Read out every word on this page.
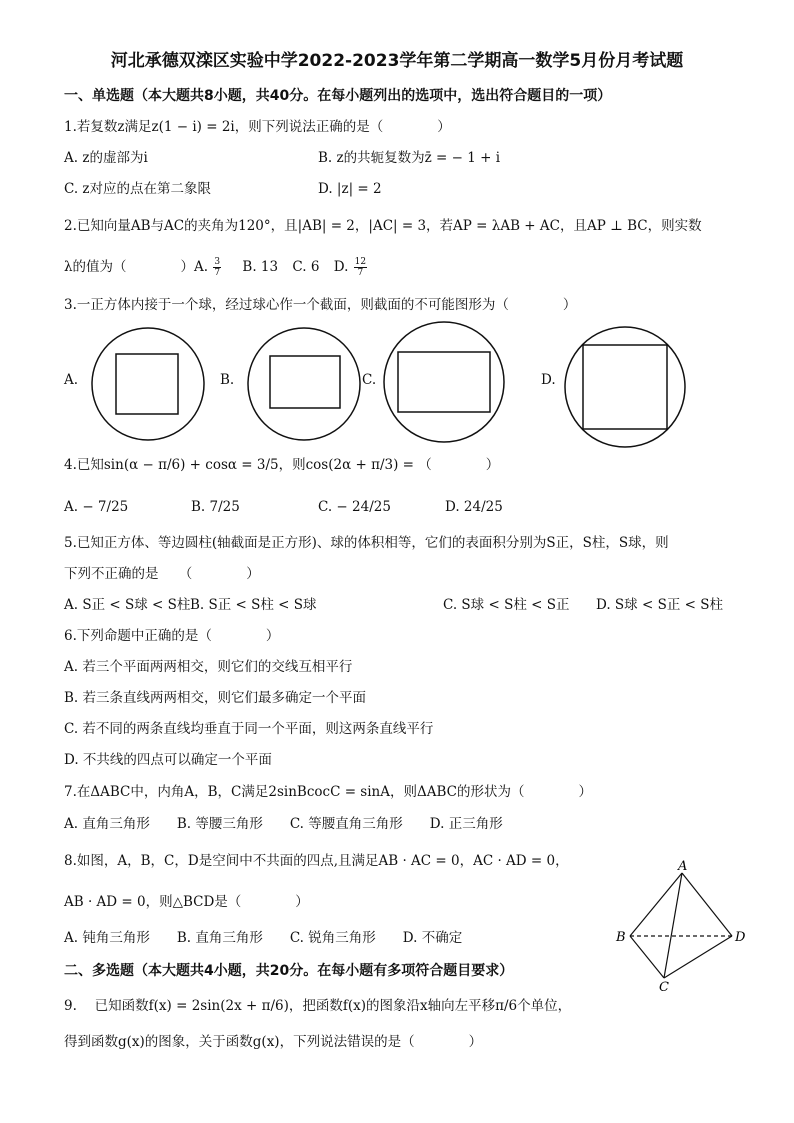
河北承德双滦区实验中学2022-2023学年第二学期高一数学5月份月考试题
一、单选题（本大题共8小题，共40分。在每小题列出的选项中，选出符合题目的一项）
1.若复数z满足z(1 − i) = 2i，则下列说法正确的是（　　　　）
A. z的虚部为i	B. z的共轭复数为z̄ = − 1 + i
C. z对应的点在第二象限	D. |z| = 2
2.已知向量AB与AC的夹角为120°，且|AB| = 2，|AC| = 3，若AP = λAB + AC，且AP ⊥ BC，则实数
λ的值为（　　　　）A. $\frac{3}{7} B$. 13 C. 6 D. $\frac{12}{7}$
3.一正方体内接于一个球，经过球心作一个截面，则截面的不可能图形为（　　　　）
A.	B.	C.	D.
4.已知sin(α − π/6) + cosα = 3/5，则cos(2α + π/3) = （　　　　）
A. − 7/25	B. 7/25	C. − 24/25	D. 24/25
5.已知正方体、等边圆柱(轴截面是正方形)、球的体积相等，它们的表面积分别为S正，S柱，S球，则
下列不正确的是　　（　　　　）
A. S正 < S球 < S柱 B. S正 < S柱 < S球	C. S球 < S柱 < S正 D. S球 < S正 < S柱
6.下列命题中正确的是（　　　　）
A. 若三个平面两两相交，则它们的交线互相平行
B. 若三条直线两两相交，则它们最多确定一个平面
C. 若不同的两条直线均垂直于同一个平面，则这两条直线平行
D. 不共线的四点可以确定一个平面
7.在ΔABC中，内角A，B，C满足2sinBcocC = sinA，则ΔABC的形状为（　　　　）
A. 直角三角形　　B. 等腰三角形　　C. 等腰直角三角形　　D. 正三角形
8.如图，A，B，C，D是空间中不共面的四点,且满足AB · AC = 0，AC · AD = 0，
AB · AD = 0，则△BCD是（　　　　）
A. 钝角三角形　　B. 直角三角形　　C. 锐角三角形　　D. 不确定
A
B
C
D
二、多选题（本大题共4小题，共20分。在每小题有多项符合题目要求）
9.　 已知函数f(x) = 2sin(2x + π/6)，把函数f(x)的图象沿x轴向左平移π/6个单位，
得到函数g(x)的图象，关于函数g(x)，下列说法错误的是（　　　　）
